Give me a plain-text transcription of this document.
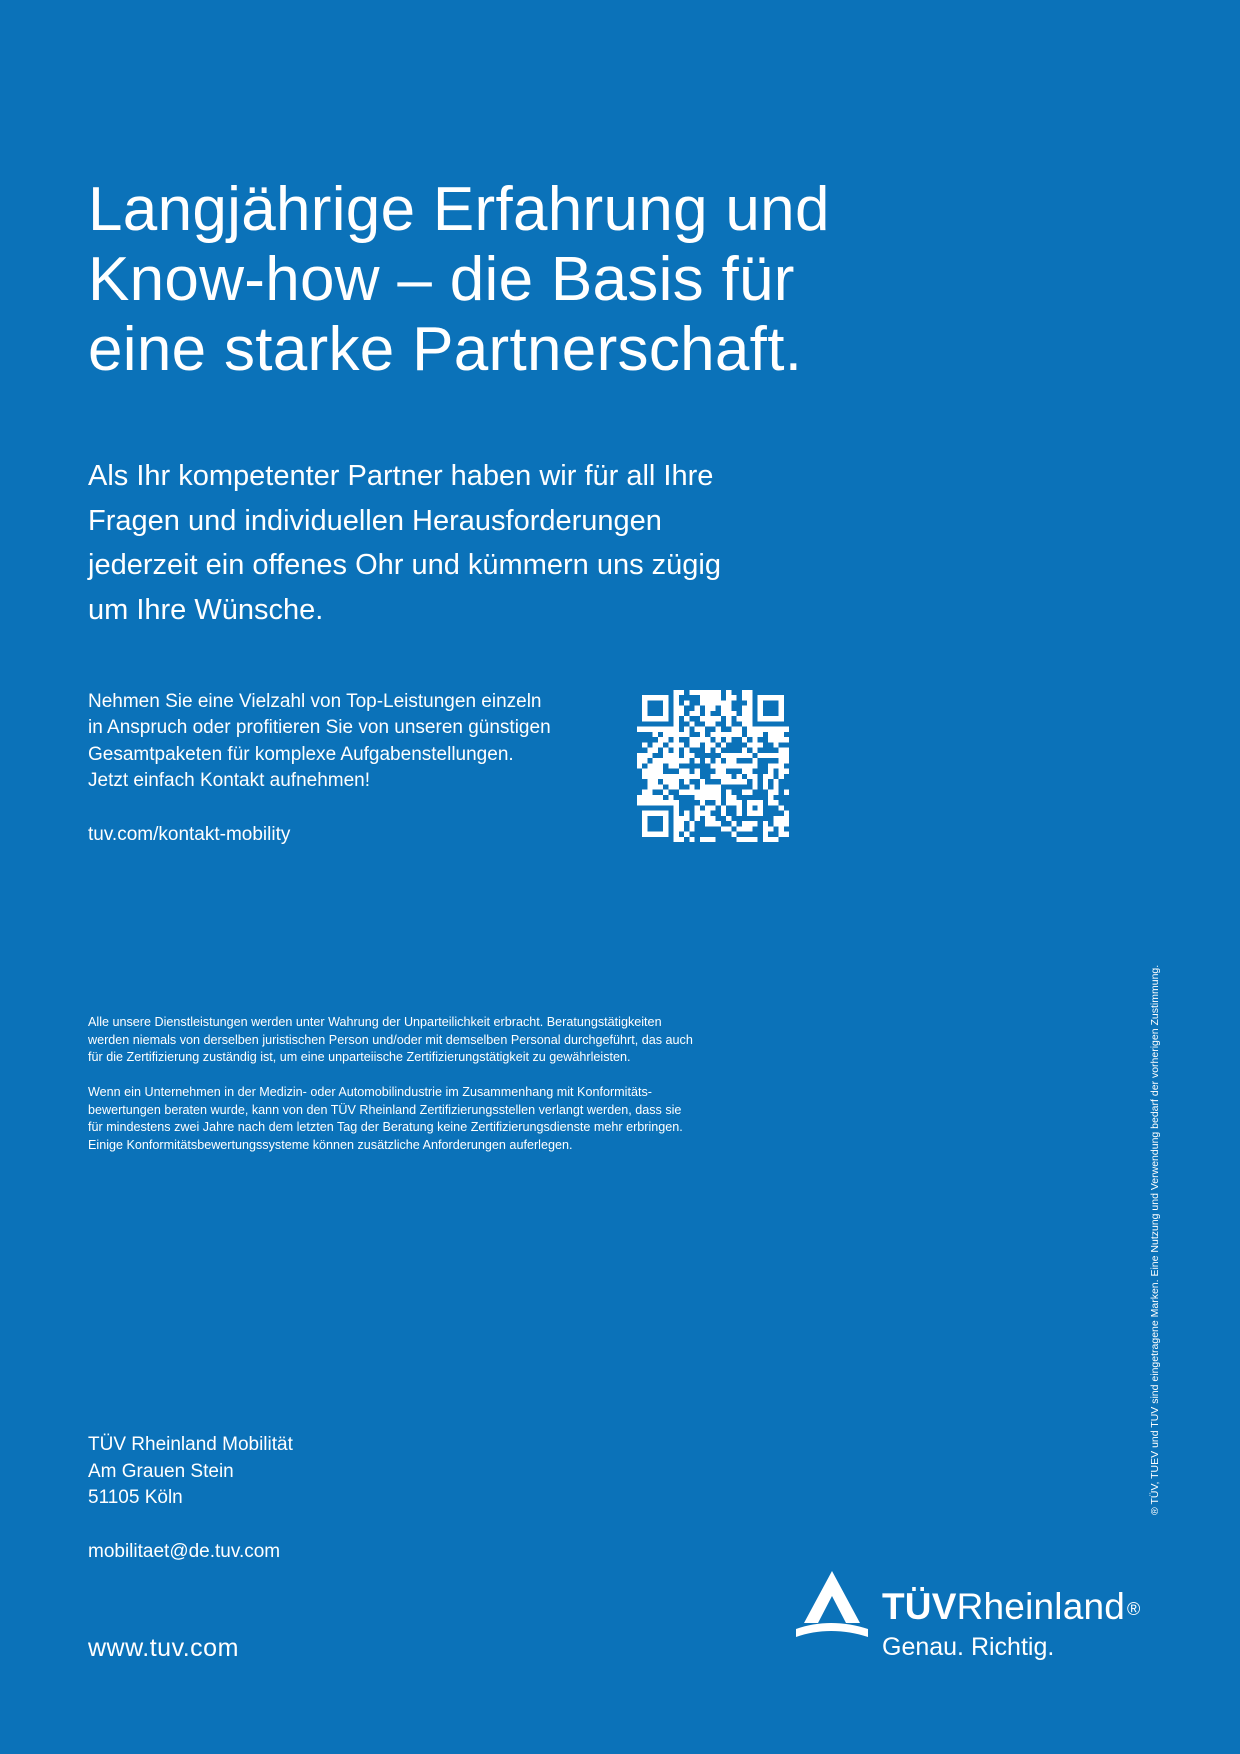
Langjährige Erfahrung und
Know-how – die Basis für
eine starke Partnerschaft.

Als Ihr kompetenter Partner haben wir für all Ihre
Fragen und individuellen Herausforderungen
jederzeit ein offenes Ohr und kümmern uns zügig
um Ihre Wünsche.

Nehmen Sie eine Vielzahl von Top-Leistungen einzeln
in Anspruch oder profitieren Sie von unseren günstigen
Gesamtpaketen für komplexe Aufgabenstellungen.
Jetzt einfach Kontakt aufnehmen!

tuv.com/kontakt-mobility

Alle unsere Dienstleistungen werden unter Wahrung der Unparteilichkeit erbracht. Beratungstätigkeiten
werden niemals von derselben juristischen Person und/oder mit demselben Personal durchgeführt, das auch
für die Zertifizierung zuständig ist, um eine unparteiische Zertifizierungstätigkeit zu gewährleisten.

Wenn ein Unternehmen in der Medizin- oder Automobilindustrie im Zusammenhang mit Konformitäts-
bewertungen beraten wurde, kann von den TÜV Rheinland Zertifizierungsstellen verlangt werden, dass sie
für mindestens zwei Jahre nach dem letzten Tag der Beratung keine Zertifizierungsdienste mehr erbringen.
Einige Konformitätsbewertungssysteme können zusätzliche Anforderungen auferlegen.

TÜV Rheinland Mobilität
Am Grauen Stein
51105 Köln

mobilitaet@de.tuv.com
www.tuv.com
® TÜV, TUEV und TUV sind eingetragene Marken. Eine Nutzung und Verwendung bedarf der vorherigen Zustimmung.
TÜVRheinland ®
Genau. Richtig.
